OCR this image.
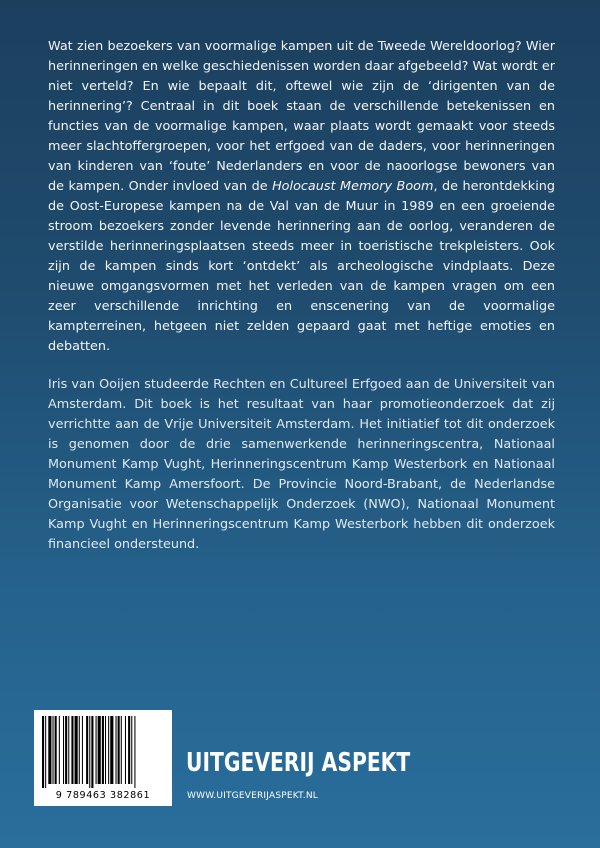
Wat zien bezoekers van voormalige kampen uit de Tweede Wereldoorlog? Wier herinneringen en welke geschiedenissen worden daar afgebeeld? Wat wordt er niet verteld? En wie bepaalt dit, oftewel wie zijn de ‘dirigenten van de herinnering’? Centraal in dit boek staan de verschillende betekenissen en functies van de voormalige kampen, waar plaats wordt gemaakt voor steeds meer slachtoffergroepen, voor het erfgoed van de daders, voor herinneringen van kinderen van ‘foute’ Nederlanders en voor de naoorlogse bewoners van de kampen. Onder invloed van de Holocaust Memory Boom, de herontdekking de Oost-Europese kampen na de Val van de Muur in 1989 en een groeiende stroom bezoekers zonder levende herinnering aan de oorlog, veranderen de verstilde herinneringsplaatsen steeds meer in toeristische trekpleisters. Ook zijn de kampen sinds kort ‘ontdekt’ als archeologische vindplaats. Deze nieuwe omgangsvormen met het verleden van de kampen vragen om een zeer verschillende inrichting en enscenering van de voormalige kampterreinen, hetgeen niet zelden gepaard gaat met heftige emoties en debatten.

Iris van Ooijen studeerde Rechten en Cultureel Erfgoed aan de Universiteit van Amsterdam. Dit boek is het resultaat van haar promotieonderzoek dat zij verrichtte aan de Vrije Universiteit Amsterdam. Het initiatief tot dit onderzoek is genomen door de drie samenwerkende herinneringscentra, Nationaal Monument Kamp Vught, Herinneringscentrum Kamp Westerbork en Nationaal Monument Kamp Amersfoort. De Provincie Noord-Brabant, de Nederlandse Organisatie voor Wetenschappelijk Onderzoek (NWO), Nationaal Monument Kamp Vught en Herinneringscentrum Kamp Westerbork hebben dit onderzoek financieel ondersteund.

9 789463 382861
UITGEVERIJ ASPEKT
WWW.UITGEVERIJASPEKT.NL
